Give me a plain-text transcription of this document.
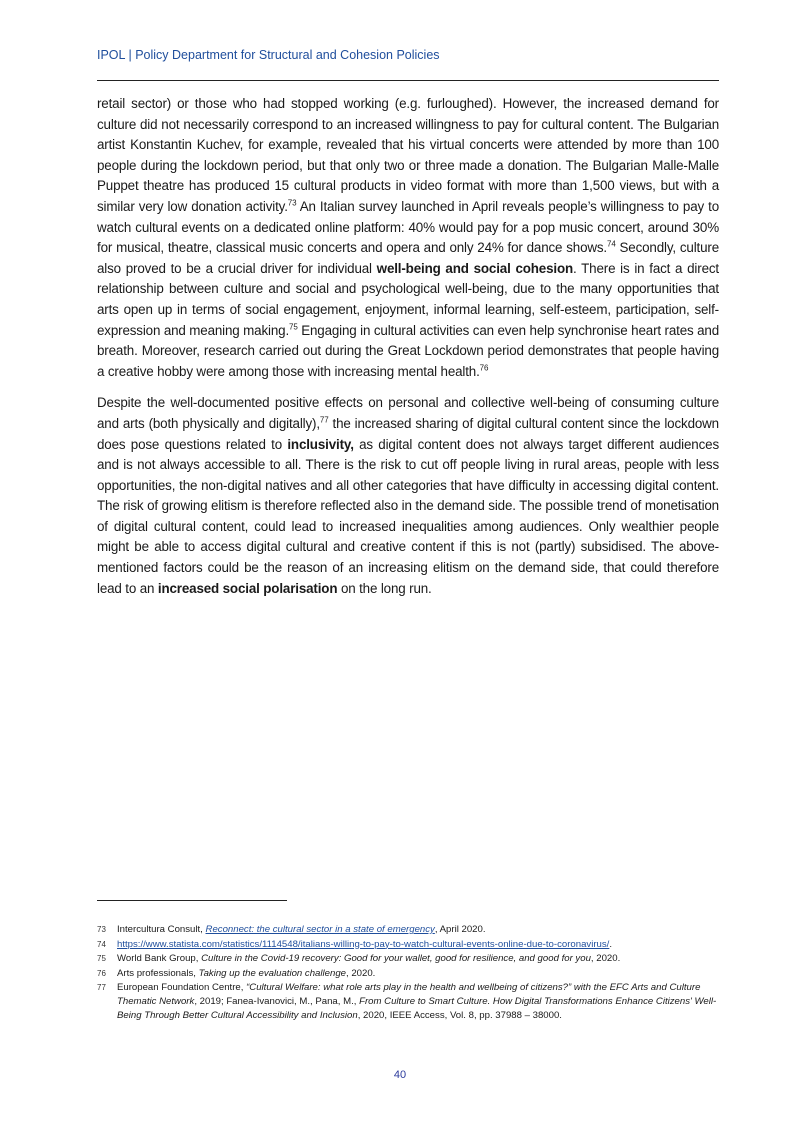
IPOL | Policy Department for Structural and Cohesion Policies

retail sector) or those who had stopped working (e.g. furloughed). However, the increased demand for culture did not necessarily correspond to an increased willingness to pay for cultural content. The Bulgarian artist Konstantin Kuchev, for example, revealed that his virtual concerts were attended by more than 100 people during the lockdown period, but that only two or three made a donation. The Bulgarian Malle-Malle Puppet theatre has produced 15 cultural products in video format with more than 1,500 views, but with a similar very low donation activity.$^{73}$ An Italian survey launched in April reveals people’s willingness to pay to watch cultural events on a dedicated online platform: 40% would pay for a pop music concert, around 30% for musical, theatre, classical music concerts and opera and only 24% for dance shows.$^{74}$ Secondly, culture also proved to be a crucial driver for individual well-being and social cohesion. There is in fact a direct relationship between culture and social and psychological well-being, due to the many opportunities that arts open up in terms of social engagement, enjoyment, informal learning, self-esteem, participation, self-expression and meaning making.$^{75}$ Engaging in cultural activities can even help synchronise heart rates and breath. Moreover, research carried out during the Great Lockdown period demonstrates that people having a creative hobby were among those with increasing mental health.$^{76}$

Despite the well-documented positive effects on personal and collective well-being of consuming culture and arts (both physically and digitally),$^{77}$ the increased sharing of digital cultural content since the lockdown does pose questions related to inclusivity, as digital content does not always target different audiences and is not always accessible to all. There is the risk to cut off people living in rural areas, people with less opportunities, the non-digital natives and all other categories that have difficulty in accessing digital content. The risk of growing elitism is therefore reflected also in the demand side. The possible trend of monetisation of digital cultural content, could lead to increased inequalities among audiences. Only wealthier people might be able to access digital cultural and creative content if this is not (partly) subsidised. The above-mentioned factors could be the reason of an increasing elitism on the demand side, that could therefore lead to an increased social polarisation on the long run.

73	Intercultura Consult, Reconnect: the cultural sector in a state of emergency, April 2020.
74	https://www.statista.com/statistics/1114548/italians-willing-to-pay-to-watch-cultural-events-online-due-to-coronavirus/.
75	World Bank Group, Culture in the Covid-19 recovery: Good for your wallet, good for resilience, and good for you, 2020.
76	Arts professionals, Taking up the evaluation challenge, 2020.
77	European Foundation Centre, “Cultural Welfare: what role arts play in the health and wellbeing of citizens?” with the EFC Arts and Culture Thematic Network, 2019; Fanea-Ivanovici, M., Pana, M., From Culture to Smart Culture. How Digital Transformations Enhance Citizens' Well-Being Through Better Cultural Accessibility and Inclusion, 2020, IEEE Access, Vol. 8, pp. 37988 – 38000.
40
